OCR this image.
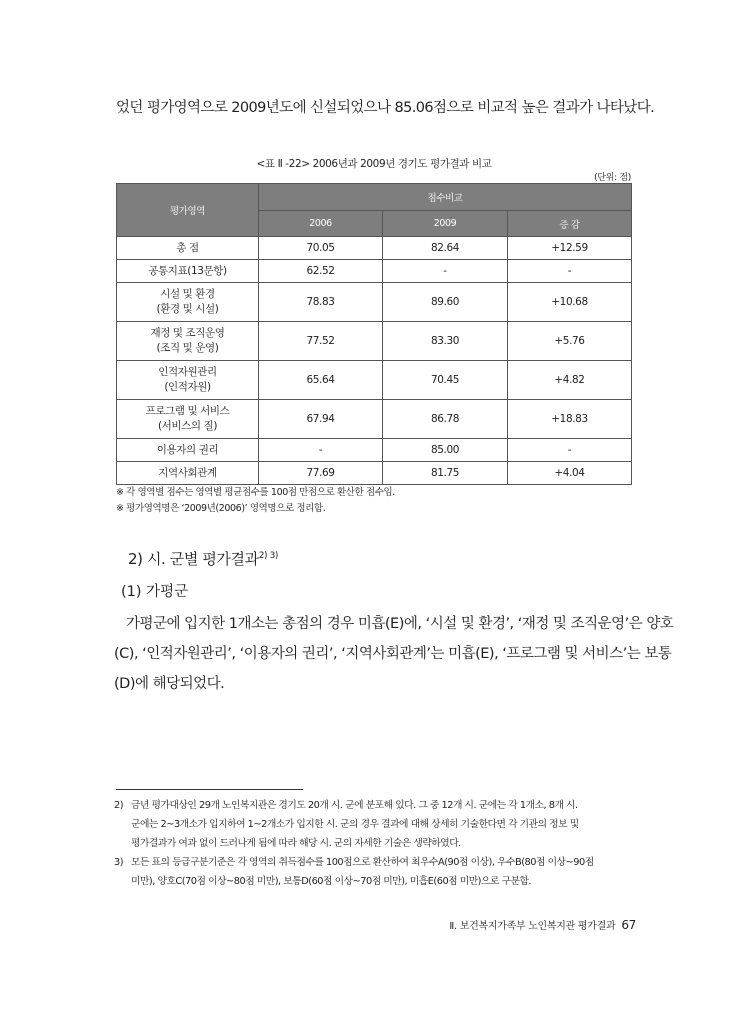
었던 평가영역으로 2009년도에 신설되었으나 85.06점으로 비교적 높은 결과가 나타났다.
<표 Ⅱ -22> 2006년과 2009년 경기도 평가결과 비교
(단위: 점)
평가영역	점수비교		
	2006	2009	증 감
총 점	70.05	82.64	+12.59
공통지표(13문항)	62.52	-	-
시설 및 환경
(환경 및 시설)	78.83	89.60	+10.68
재정 및 조직운영
(조직 및 운영)	77.52	83.30	+5.76
인적자원관리
(인적자원)	65.64	70.45	+4.82
프로그램 및 서비스
(서비스의 질)	67.94	86.78	+18.83
이용자의 권리	-	85.00	-
지역사회관계	77.69	81.75	+4.04
※ 각 영역별 점수는 영역별 평균점수를 100점 만점으로 환산한 점수임.
※ 평가영역명은 ‘2009년(2006)’ 영역명으로 정리함.
2) 시. 군별 평가결과$^{2) 3)}$
(1) 가평군
가평군에 입지한 1개소는 총점의 경우 미흡(E)에, ‘시설 및 환경’, ‘재정 및 조직운영’은 양호
(C), ‘인적자원관리’, ‘이용자의 권리’, ‘지역사회관계’는 미흡(E), ‘프로그램 및 서비스’는 보통
(D)에 해당되었다.
2) 금년 평가대상인 29개 노인복지관은 경기도 20개 시. 군에 분포해 있다. 그 중 12개 시. 군에는 각 1개소, 8개 시.
군에는 2~3개소가 입지하여 1~2개소가 입지한 시. 군의 경우 결과에 대해 상세히 기술한다면 각 기관의 정보 및
평가결과가 여과 없이 드러나게 됨에 따라 해당 시. 군의 자세한 기술은 생략하였다.
3) 모든 표의 등급구분기준은 각 영역의 취득점수를 100점으로 환산하여 최우수A(90점 이상), 우수B(80점 이상~90점
미만), 양호C(70점 이상~80점 미만), 보통D(60점 이상~70점 미만), 미흡E(60점 미만)으로 구분함.
Ⅱ. 보건복지가족부 노인복지관 평가결과 67
